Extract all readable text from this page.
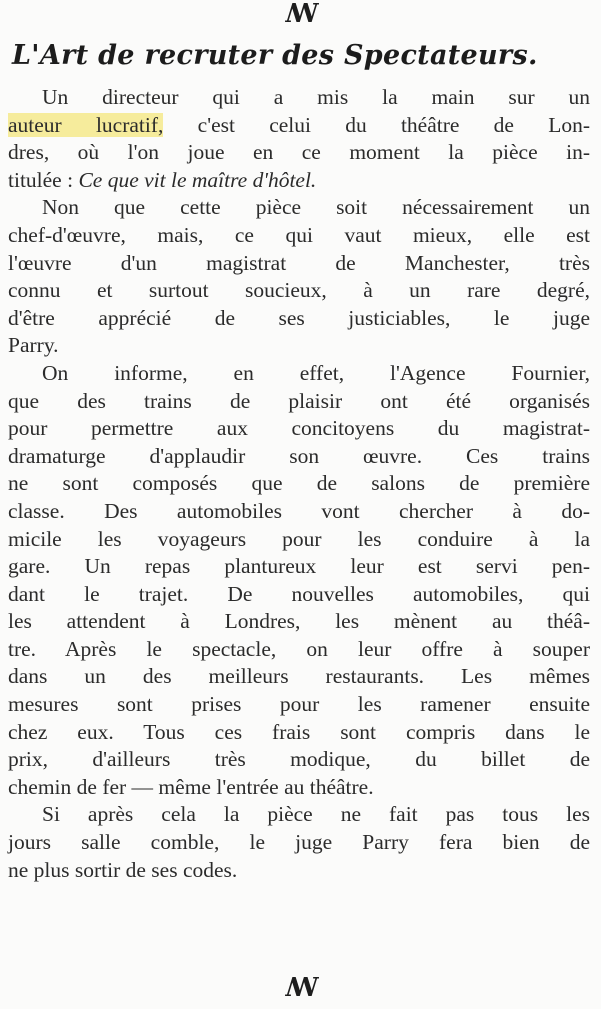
ꟿ
L'Art de recruter des Spectateurs.
Un directeur qui a mis la main sur un
auteur lucratif, c'est celui du théâtre de Lon-
dres, où l'on joue en ce moment la pièce in-
titulée : Ce que vit le maître d'hôtel.
Non que cette pièce soit nécessairement un
chef-d'œuvre, mais, ce qui vaut mieux, elle est
l'œuvre d'un magistrat de Manchester, très
connu et surtout soucieux, à un rare degré,
d'être apprécié de ses justiciables, le juge
Parry.
On informe, en effet, l'Agence Fournier,
que des trains de plaisir ont été organisés
pour permettre aux concitoyens du magistrat-
dramaturge d'applaudir son œuvre. Ces trains
ne sont composés que de salons de première
classe. Des automobiles vont chercher à do-
micile les voyageurs pour les conduire à la
gare. Un repas plantureux leur est servi pen-
dant le trajet. De nouvelles automobiles, qui
les attendent à Londres, les mènent au théâ-
tre. Après le spectacle, on leur offre à souper
dans un des meilleurs restaurants. Les mêmes
mesures sont prises pour les ramener ensuite
chez eux. Tous ces frais sont compris dans le
prix, d'ailleurs très modique, du billet de
chemin de fer — même l'entrée au théâtre.
Si après cela la pièce ne fait pas tous les
jours salle comble, le juge Parry fera bien de
ne plus sortir de ses codes.
ꟿ
